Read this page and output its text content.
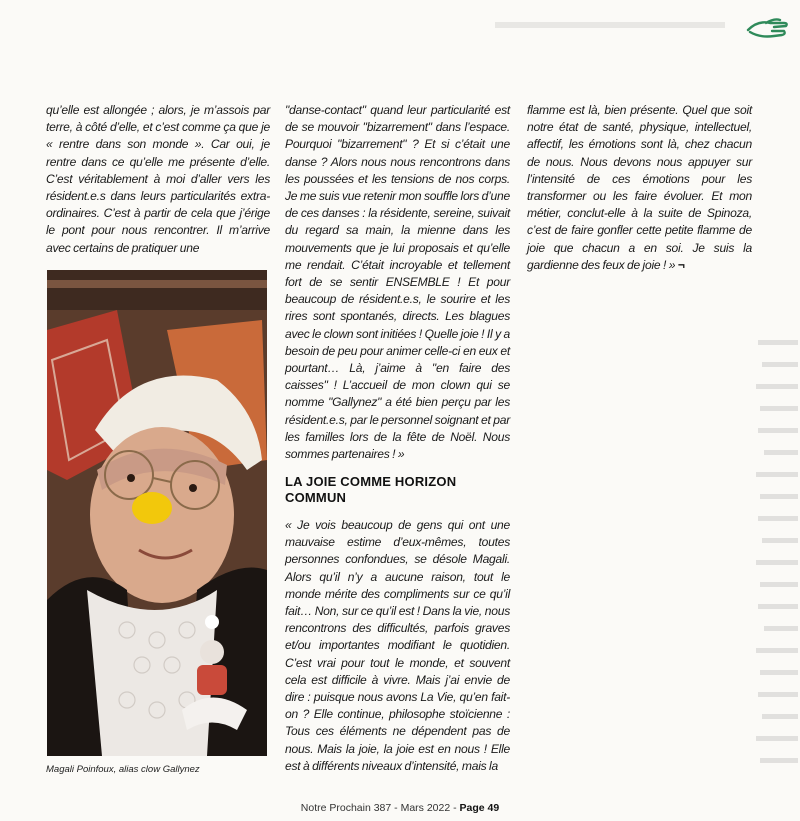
qu’elle est allongée ; alors, je m’assois par terre, à côté d’elle, et c’est comme ça que je « rentre dans son monde ». Car oui, je rentre dans ce qu’elle me présente d’elle. C’est véritablement à moi d’aller vers les résident.e.s dans leurs particularités extra-ordinaires. C’est à partir de cela que j’érige le pont pour nous rencontrer. Il m’arrive avec certains de pratiquer une

Magali Poinfoux, alias clow Gallynez

"danse-contact" quand leur particularité est de se mouvoir "bizarrement" dans l’espace. Pourquoi "bizarrement" ? Et si c’était une danse ? Alors nous nous rencontrons dans les poussées et les tensions de nos corps. Je me suis vue retenir mon souffle lors d’une de ces danses : la résidente, sereine, suivait du regard sa main, la mienne dans les mouvements que je lui proposais et qu’elle me rendait. C’était incroyable et tellement fort de se sentir ENSEMBLE ! Et pour beaucoup de résident.e.s, le sourire et les rires sont spontanés, directs. Les blagues avec le clown sont initiées ! Quelle joie ! Il y a besoin de peu pour animer celle-ci en eux et pourtant… Là, j’aime à "en faire des caisses" ! L’accueil de mon clown qui se nomme "Gallynez" a été bien perçu par les résident.e.s, par le personnel soignant et par les familles lors de la fête de Noël. Nous sommes partenaires ! »

LA JOIE COMME HORIZON COMMUN

« Je vois beaucoup de gens qui ont une mauvaise estime d’eux-mêmes, toutes personnes confondues, se désole Magali. Alors qu’il n’y a aucune raison, tout le monde mérite des compliments sur ce qu’il fait… Non, sur ce qu’il est ! Dans la vie, nous rencontrons des difficultés, parfois graves et/ou importantes modifiant le quotidien. C’est vrai pour tout le monde, et souvent cela est difficile à vivre. Mais j’ai envie de dire : puisque nous avons La Vie, qu’en fait-on ? Elle continue, philosophe stoïcienne : Tous ces éléments ne dépendent pas de nous. Mais la joie, la joie est en nous ! Elle est à différents niveaux d’intensité, mais la

flamme est là, bien présente. Quel que soit notre état de santé, physique, intellectuel, affectif, les émotions sont là, chez chacun de nous. Nous devons nous appuyer sur l’intensité de ces émotions pour les transformer ou les faire évoluer. Et mon métier, conclut-elle à la suite de Spinoza, c’est de faire gonfler cette petite flamme de joie que chacun a en soi. Je suis la gardienne des feux de joie ! » ¬

Notre Prochain 387 - Mars 2022 - Page 49
